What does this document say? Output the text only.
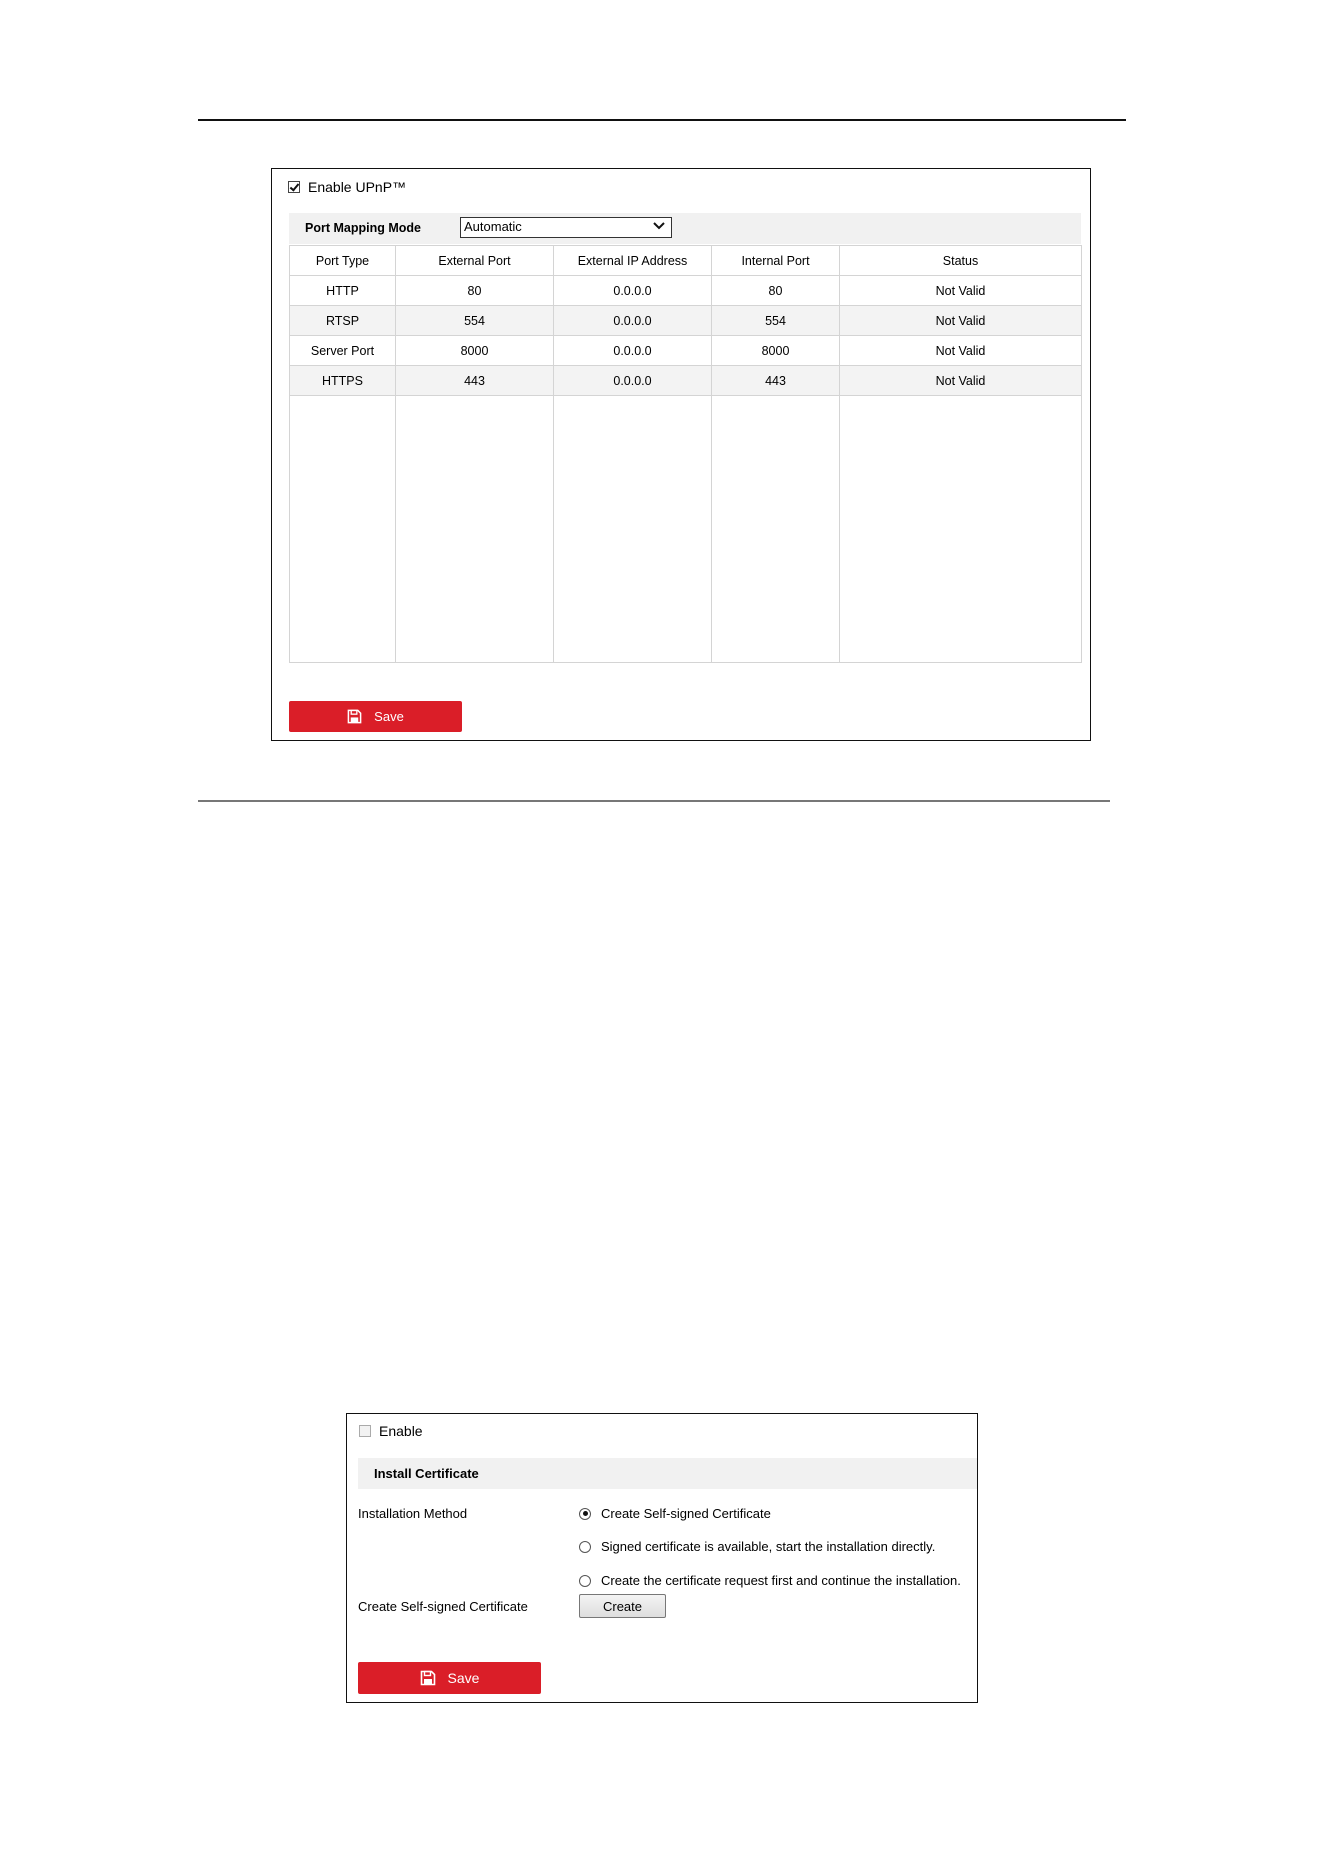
Enable UPnP™
Port Mapping Mode	Automatic
Port Type	External Port	External IP Address	Internal Port	Status
HTTP	80	0.0.0.0	80	Not Valid
RTSP	554	0.0.0.0	554	Not Valid
Server Port	8000	0.0.0.0	8000	Not Valid
HTTPS	443	0.0.0.0	443	Not Valid

Save
Enable
Install Certificate
Installation Method	Create Self-signed Certificate
Signed certificate is available, start the installation directly.
Create the certificate request first and continue the installation.
Create Self-signed Certificate	Create
Save
